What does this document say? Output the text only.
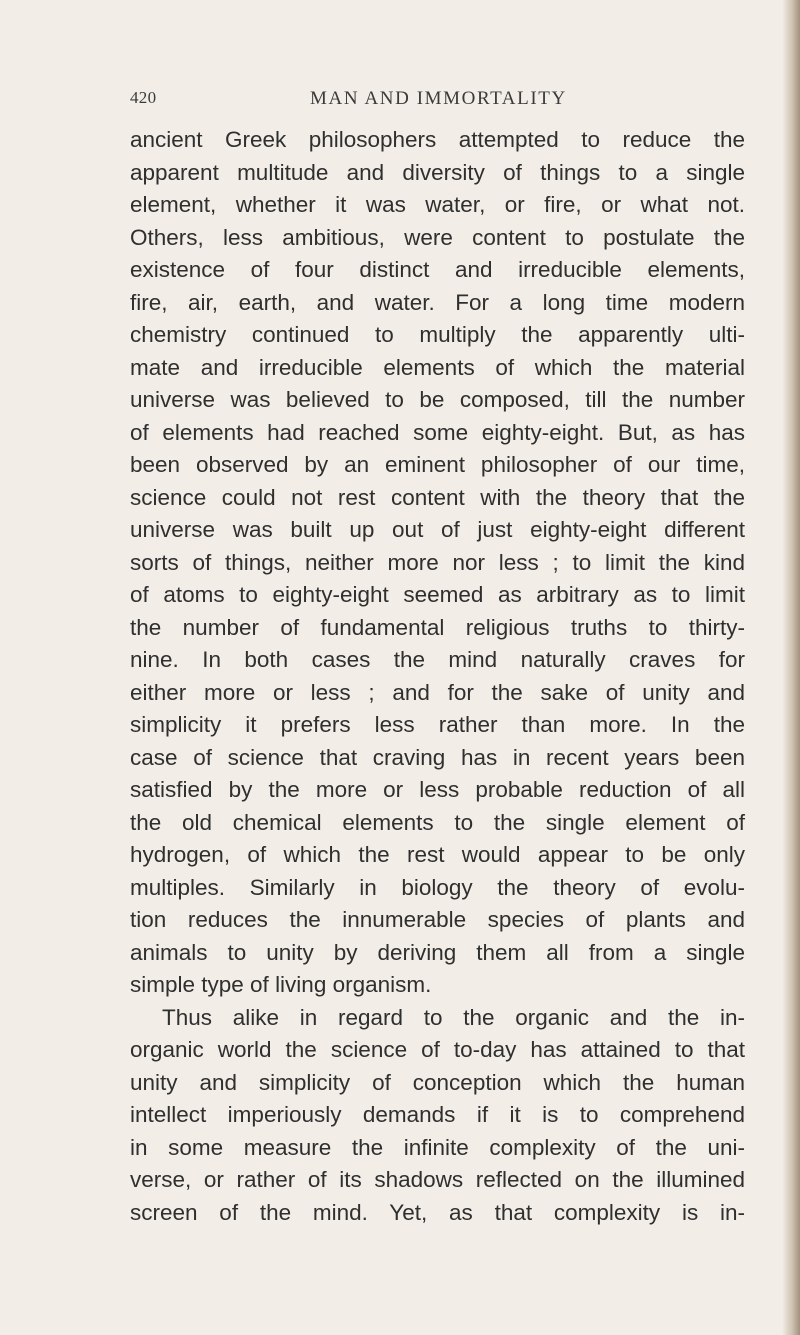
420	MAN AND IMMORTALITY
ancient Greek philosophers attempted to reduce the
apparent multitude and diversity of things to a single
element, whether it was water, or fire, or what not.
Others, less ambitious, were content to postulate the
existence of four distinct and irreducible elements,
fire, air, earth, and water. For a long time modern
chemistry continued to multiply the apparently ulti-
mate and irreducible elements of which the material
universe was believed to be composed, till the number
of elements had reached some eighty-eight. But, as has
been observed by an eminent philosopher of our time,
science could not rest content with the theory that the
universe was built up out of just eighty-eight different
sorts of things, neither more nor less ; to limit the kind
of atoms to eighty-eight seemed as arbitrary as to limit
the number of fundamental religious truths to thirty-
nine. In both cases the mind naturally craves for
either more or less ; and for the sake of unity and
simplicity it prefers less rather than more. In the
case of science that craving has in recent years been
satisfied by the more or less probable reduction of all
the old chemical elements to the single element of
hydrogen, of which the rest would appear to be only
multiples. Similarly in biology the theory of evolu-
tion reduces the innumerable species of plants and
animals to unity by deriving them all from a single
simple type of living organism.
Thus alike in regard to the organic and the in-
organic world the science of to-day has attained to that
unity and simplicity of conception which the human
intellect imperiously demands if it is to comprehend
in some measure the infinite complexity of the uni-
verse, or rather of its shadows reflected on the illumined
screen of the mind. Yet, as that complexity is in-
